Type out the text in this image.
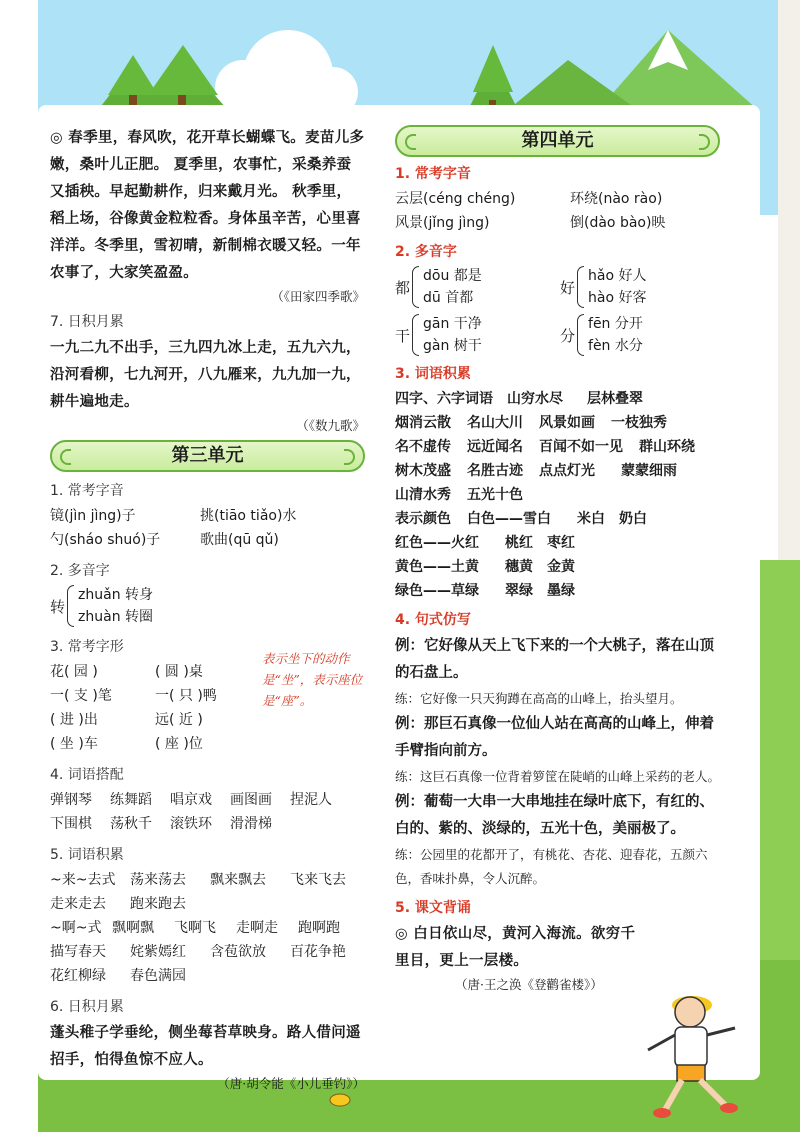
◎ 春季里，春风吹，花开草长蝴蝶飞。麦苗儿多嫩，桑叶儿正肥。 夏季里，农事忙，采桑养蚕又插秧。早起勤耕作，归来戴月光。 秋季里，稻上场，谷像黄金粒粒香。身体虽辛苦，心里喜洋洋。冬季里，雪初晴，新制棉衣暖又轻。一年农事了，大家笑盈盈。
（《田家四季歌》
7. 日积月累
一九二九不出手，三九四九冰上走，五九六九，沿河看柳，七九河开，八九雁来，九九加一九，耕牛遍地走。
（《数九歌》
第三单元
1. 常考字音
镜(jìn jìng)子	挑(tiāo tiǎo)水
勺(sháo shuó)子	歌曲(qū qǔ)
2. 多音字
转
zhuǎn 转身
zhuàn 转圈
3. 常考字形
花( 园 )	( 圆 )桌
一( 支 )笔	一( 只 )鸭
( 进 )出	远( 近 )
( 坐 )车	( 座 )位
4. 词语搭配
弹钢琴 练舞蹈 唱京戏 画图画 捏泥人
下围棋 荡秋千 滚铁环 滑滑梯
5. 词语积累
~来~去式 荡来荡去 飘来飘去 飞来飞去
走来走去 跑来跑去
~啊~式 飘啊飘 飞啊飞 走啊走 跑啊跑
描写春天 姹紫嫣红 含苞欲放 百花争艳
花红柳绿 春色满园
6. 日积月累
蓬头稚子学垂纶，侧坐莓苔草映身。路人借问遥招手，怕得鱼惊不应人。
（唐·胡令能《小儿垂钓》）
表示坐下的动作是“坐”，表示座位是“座”。
第四单元
1. 常考字音
云层(céng chéng)	环绕(nào rào)
风景(jǐng jìng)	倒(dào bào)映
2. 多音字
都
dōu 都是
dū 首都
好
hǎo 好人
hào 好客
干
gān 干净
gàn 树干
分
fēn 分开
fèn 水分
3. 词语积累
四字、六字词语 山穷水尽 层林叠翠
烟消云散 名山大川 风景如画 一枝独秀
名不虚传 远近闻名 百闻不如一见 群山环绕
树木茂盛 名胜古迹 点点灯光 蒙蒙细雨
山清水秀 五光十色
表示颜色 白色——雪白 米白 奶白
红色——火红 桃红 枣红
黄色——土黄 穗黄 金黄
绿色——草绿 翠绿 墨绿
4. 句式仿写
例：它好像从天上飞下来的一个大桃子，落在山顶的石盘上。
练：它好像一只天狗蹲在高高的山峰上，抬头望月。
例：那巨石真像一位仙人站在高高的山峰上，伸着手臂指向前方。
练：这巨石真像一位背着箩筐在陡峭的山峰上采药的老人。
例：葡萄一大串一大串地挂在绿叶底下，有红的、白的、紫的、淡绿的，五光十色，美丽极了。
练：公园里的花都开了，有桃花、杏花、迎春花，五颜六色，香味扑鼻，令人沉醉。
5. 课文背诵
◎ 白日依山尽，黄河入海流。欲穷千里目，更上一层楼。
（唐·王之涣《登鹳雀楼》）
